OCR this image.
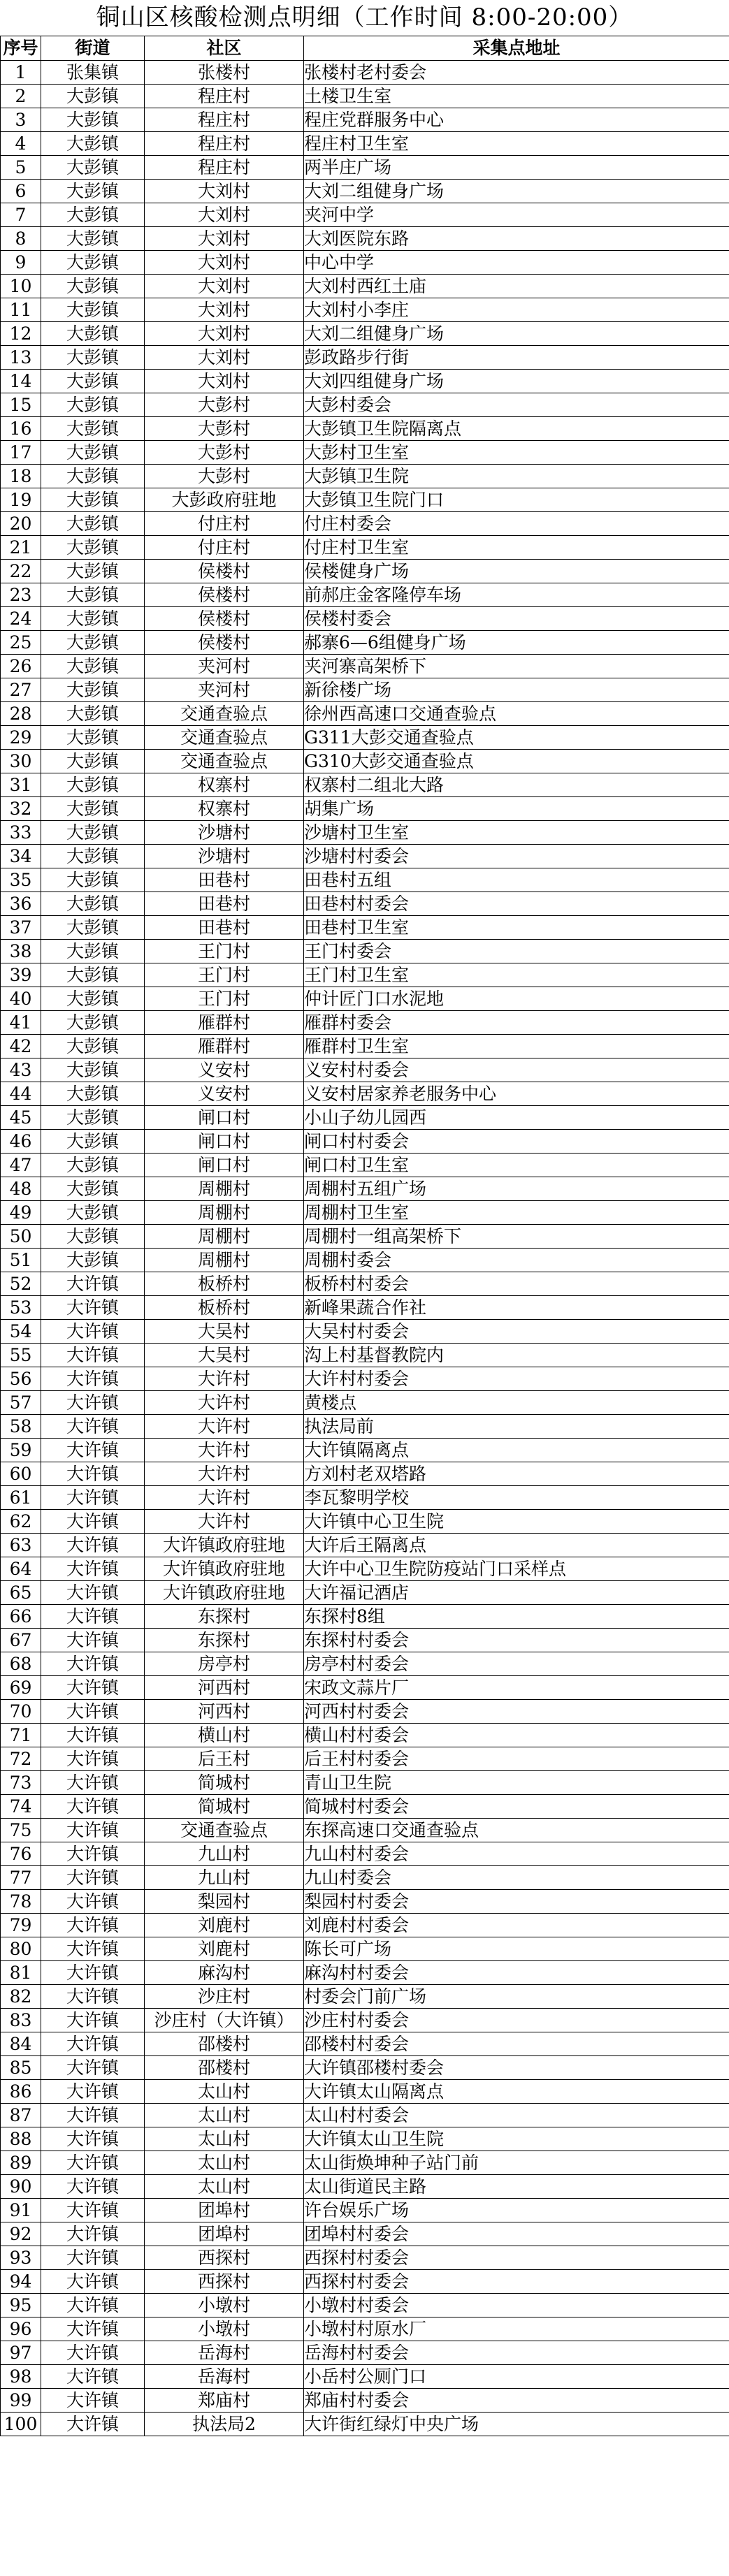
铜山区核酸检测点明细（工作时间 8:00-20:00）
序号	街道	社区	采集点地址
1	张集镇	张楼村	张楼村老村委会
2	大彭镇	程庄村	土楼卫生室
3	大彭镇	程庄村	程庄党群服务中心
4	大彭镇	程庄村	程庄村卫生室
5	大彭镇	程庄村	两半庄广场
6	大彭镇	大刘村	大刘二组健身广场
7	大彭镇	大刘村	夹河中学
8	大彭镇	大刘村	大刘医院东路
9	大彭镇	大刘村	中心中学
10	大彭镇	大刘村	大刘村西红土庙
11	大彭镇	大刘村	大刘村小李庄
12	大彭镇	大刘村	大刘二组健身广场
13	大彭镇	大刘村	彭政路步行街
14	大彭镇	大刘村	大刘四组健身广场
15	大彭镇	大彭村	大彭村委会
16	大彭镇	大彭村	大彭镇卫生院隔离点
17	大彭镇	大彭村	大彭村卫生室
18	大彭镇	大彭村	大彭镇卫生院
19	大彭镇	大彭政府驻地	大彭镇卫生院门口
20	大彭镇	付庄村	付庄村委会
21	大彭镇	付庄村	付庄村卫生室
22	大彭镇	侯楼村	侯楼健身广场
23	大彭镇	侯楼村	前郝庄金客隆停车场
24	大彭镇	侯楼村	侯楼村委会
25	大彭镇	侯楼村	郝寨6—6组健身广场
26	大彭镇	夹河村	夹河寨高架桥下
27	大彭镇	夹河村	新徐楼广场
28	大彭镇	交通查验点	徐州西高速口交通查验点
29	大彭镇	交通查验点	G311大彭交通查验点
30	大彭镇	交通查验点	G310大彭交通查验点
31	大彭镇	权寨村	权寨村二组北大路
32	大彭镇	权寨村	胡集广场
33	大彭镇	沙塘村	沙塘村卫生室
34	大彭镇	沙塘村	沙塘村村委会
35	大彭镇	田巷村	田巷村五组
36	大彭镇	田巷村	田巷村村委会
37	大彭镇	田巷村	田巷村卫生室
38	大彭镇	王门村	王门村委会
39	大彭镇	王门村	王门村卫生室
40	大彭镇	王门村	仲计匠门口水泥地
41	大彭镇	雁群村	雁群村委会
42	大彭镇	雁群村	雁群村卫生室
43	大彭镇	义安村	义安村村委会
44	大彭镇	义安村	义安村居家养老服务中心
45	大彭镇	闸口村	小山子幼儿园西
46	大彭镇	闸口村	闸口村村委会
47	大彭镇	闸口村	闸口村卫生室
48	大彭镇	周棚村	周棚村五组广场
49	大彭镇	周棚村	周棚村卫生室
50	大彭镇	周棚村	周棚村一组高架桥下
51	大彭镇	周棚村	周棚村委会
52	大许镇	板桥村	板桥村村委会
53	大许镇	板桥村	新峰果蔬合作社
54	大许镇	大吴村	大吴村村委会
55	大许镇	大吴村	沟上村基督教院内
56	大许镇	大许村	大许村村委会
57	大许镇	大许村	黄楼点
58	大许镇	大许村	执法局前
59	大许镇	大许村	大许镇隔离点
60	大许镇	大许村	方刘村老双塔路
61	大许镇	大许村	李瓦黎明学校
62	大许镇	大许村	大许镇中心卫生院
63	大许镇	大许镇政府驻地	大许后王隔离点
64	大许镇	大许镇政府驻地	大许中心卫生院防疫站门口采样点
65	大许镇	大许镇政府驻地	大许福记酒店
66	大许镇	东探村	东探村8组
67	大许镇	东探村	东探村村委会
68	大许镇	房亭村	房亭村村委会
69	大许镇	河西村	宋政文蒜片厂
70	大许镇	河西村	河西村村委会
71	大许镇	横山村	横山村村委会
72	大许镇	后王村	后王村村委会
73	大许镇	简城村	青山卫生院
74	大许镇	简城村	简城村村委会
75	大许镇	交通查验点	东探高速口交通查验点
76	大许镇	九山村	九山村村委会
77	大许镇	九山村	九山村委会
78	大许镇	梨园村	梨园村村委会
79	大许镇	刘鹿村	刘鹿村村委会
80	大许镇	刘鹿村	陈长可广场
81	大许镇	麻沟村	麻沟村村委会
82	大许镇	沙庄村	村委会门前广场
83	大许镇	沙庄村（大许镇）	沙庄村村委会
84	大许镇	邵楼村	邵楼村村委会
85	大许镇	邵楼村	大许镇邵楼村委会
86	大许镇	太山村	大许镇太山隔离点
87	大许镇	太山村	太山村村委会
88	大许镇	太山村	大许镇太山卫生院
89	大许镇	太山村	太山街焕坤种子站门前
90	大许镇	太山村	太山街道民主路
91	大许镇	团埠村	许台娱乐广场
92	大许镇	团埠村	团埠村村委会
93	大许镇	西探村	西探村村委会
94	大许镇	西探村	西探村村委会
95	大许镇	小墩村	小墩村村委会
96	大许镇	小墩村	小墩村村原水厂
97	大许镇	岳海村	岳海村村委会
98	大许镇	岳海村	小岳村公厕门口
99	大许镇	郑庙村	郑庙村村委会
100	大许镇	执法局2	大许街红绿灯中央广场
